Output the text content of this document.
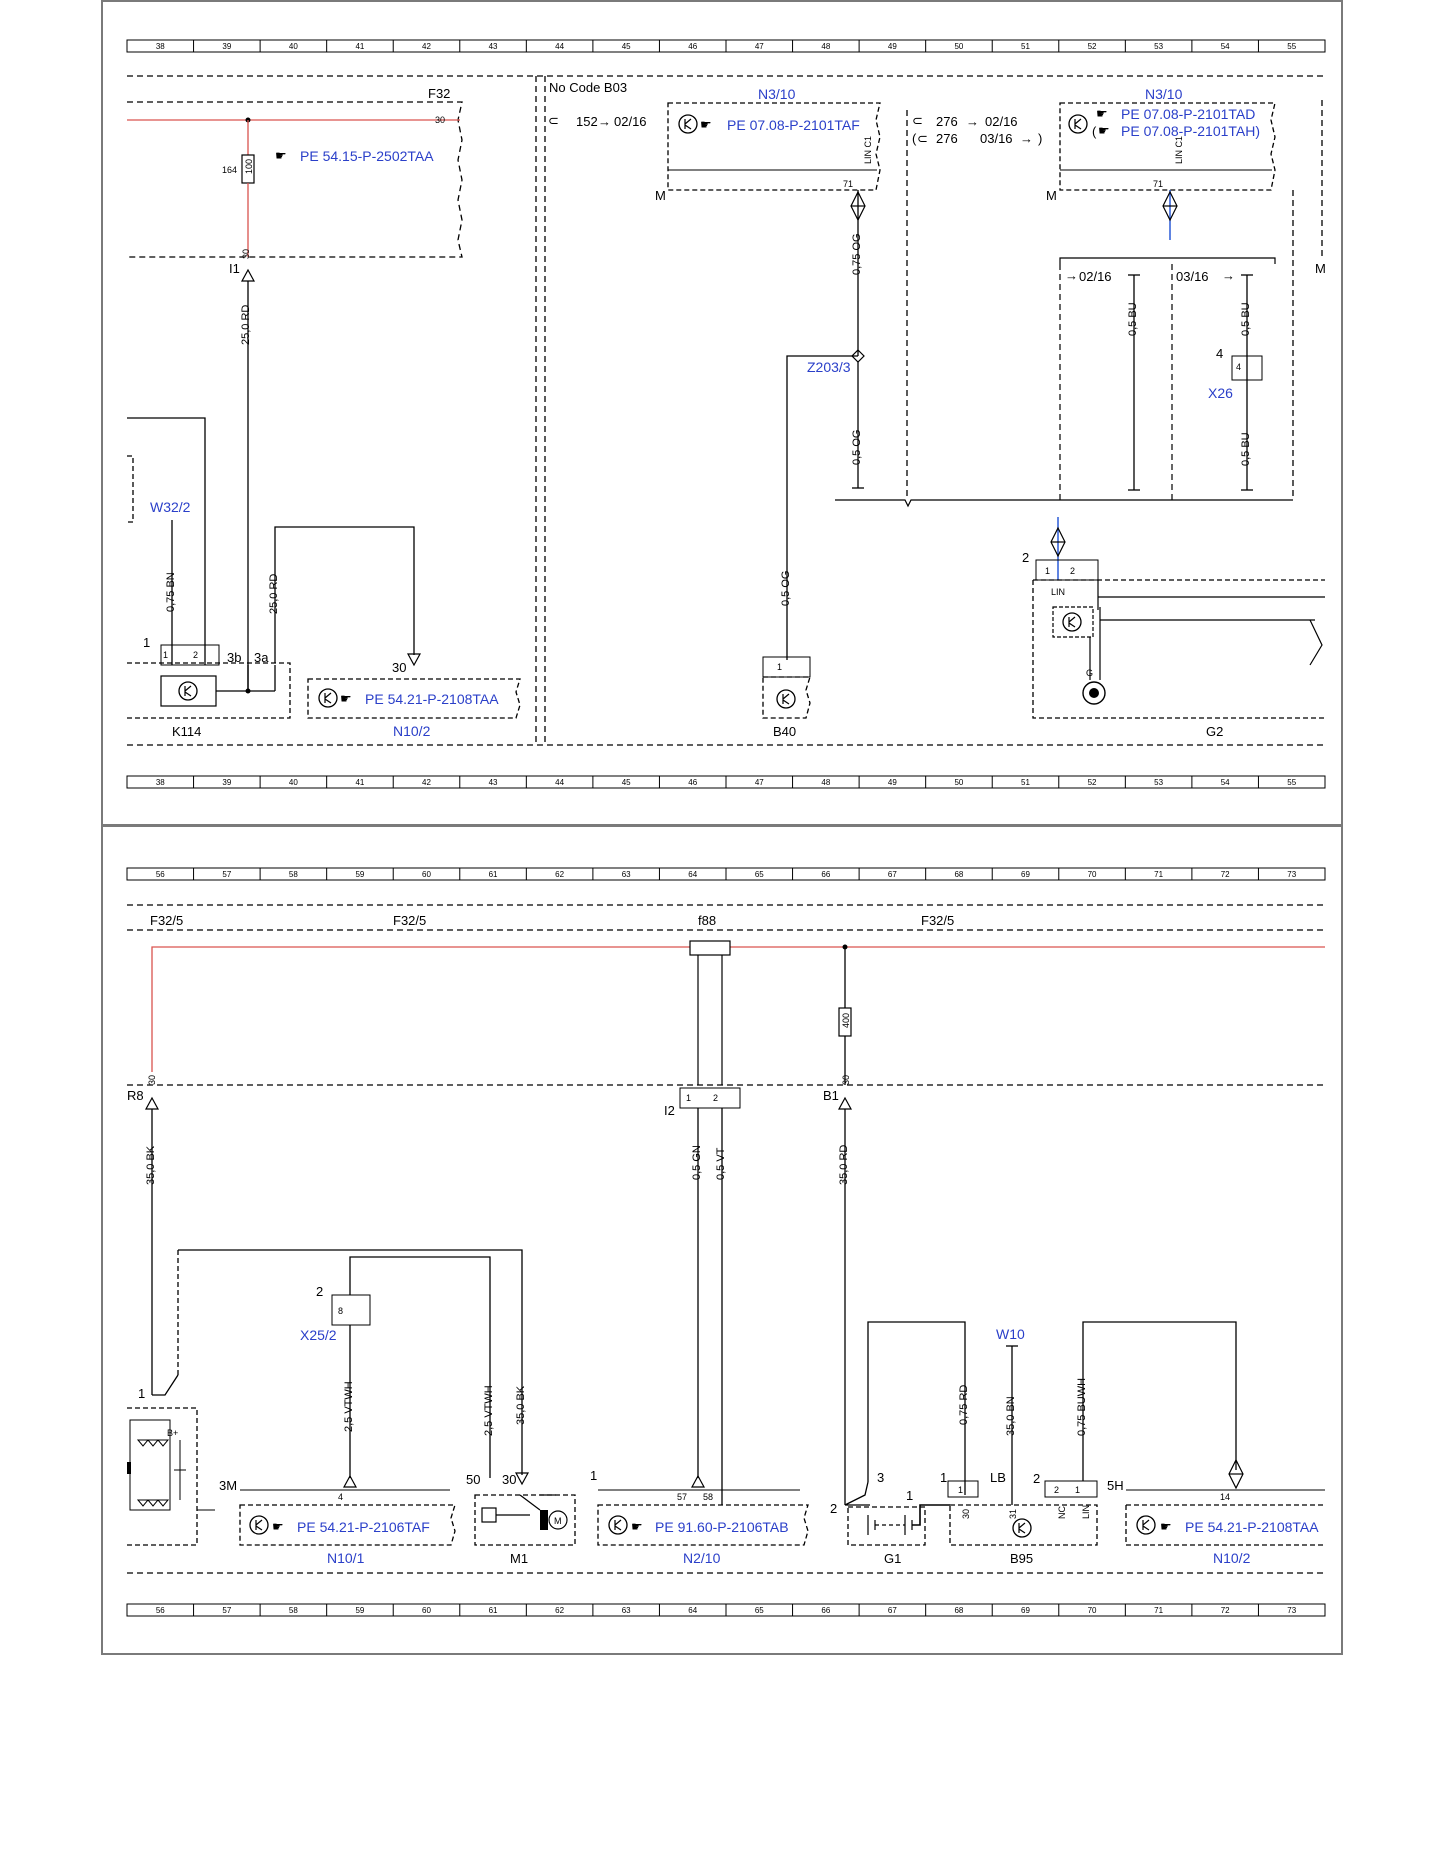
38	39	40	41	42	43	44	45	46	47	48	49	50	51	52	53	54	55
38	39	40	41	42	43	44	45	46	47	48	49	50	51	52	53	54	55
F32
30
100
164
☛ PE 54.15-P-2502TAA
30
I1
25,0 RD
W32/2
0,75 BN
1
1	2 3b 3a
K114
25,0 RD
30
☛ PE 54.21-P-2108TAA
N10/2
No Code B03
⊂ 152 → 02/16
N3/10
☛ PE 07.08-P-2101TAF
LIN C1
71
M
0,75 OG
Z203/3
0,5 OG
0,5 OG
1
B40
⊂ 276 → 02/16
( ⊂ 276 03/16 → )
N3/10
☛ PE 07.08-P-2101TAD
( ☛ PE 07.08-P-2101TAH)
LIN C1
71
M
M
→ 02/16	03/16 →
0,5 BU	0,5 BU
0,5 BU
4
4
X26
2
1 2
LIN
G
G2
56	57	58	59	60	61	62	63	64	65	66	67	68	69	70	71	72	73
56	57	58	59	60	61	62	63	64	65	66	67	68	69	70	71	72	73
F32/5	F32/5	f88	F32/5
30
R8
35,0 BK
1 2
I2
0,5 GN 0,5 VT
400
30
B1
35,0 RD
1
B+
2
8
X25/2
2,5 VTWH	2,5 VTWH 35,0 BK
3M
4
☛ PE 54.21-P-2106TAF
N10/1
50 30
M
M1
1
57 58
☛ PE 91.60-P-2106TAB
N2/10
0,75 RD
3
2
1
G1
1
1
LB
W10
35,0 BN
2
2 1
30	31	NC LIN
B95
0,75 BUWH
5H
14
☛ PE 54.21-P-2108TAA
N10/2
